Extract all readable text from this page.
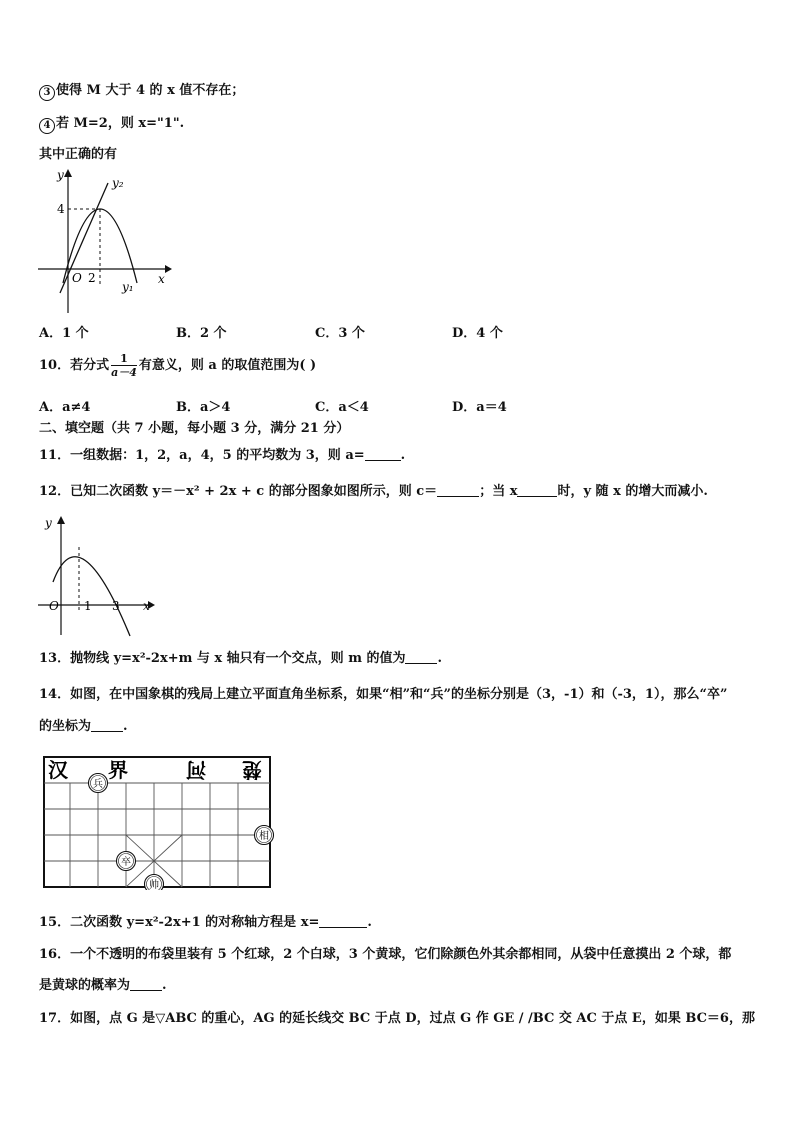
3 使得 M 大于 4 的 x 值不存在；
4 若 M=2，则 x="1".
其中正确的有
y
y₂
4
O 2	x
y₁
A．1 个	B．2 个	C．3 个	D．4 个
10．若分式 $\frac{1}{a-4}$ 有意义，则 a 的取值范围为( )
A．a≠4	B．a＞4	C．a＜4	D．a＝4
二、填空题（共 7 小题，每小题 3 分，满分 21 分）
11．一组数据：1，2，a，4，5 的平均数为 3，则 a=	.
12．已知二次函数 y＝－x² + 2x + c 的部分图象如图所示，则 c＝	；当 x	时，y 随 x 的增大而减小.
y
O 1 3 x
13．抛物线 y=x²-2x+m 与 x 轴只有一个交点，则 m 的值为 .
14．如图，在中国象棋的残局上建立平面直角坐标系，如果“相”和“兵”的坐标分别是（3，-1）和（-3，1），那么“卒”
的坐标为 .
汉 界	河 楚
兵
相
卒
帅
15．二次函数 y=x²-2x+1 的对称轴方程是 x=	.
16．一个不透明的布袋里装有 5 个红球，2 个白球，3 个黄球，它们除颜色外其余都相同，从袋中任意摸出 2 个球，都
是黄球的概率为 .
17．如图，点 G 是▽ABC 的重心，AG 的延长线交 BC 于点 D，过点 G 作 GE / /BC 交 AC 于点 E，如果 BC＝6，那
